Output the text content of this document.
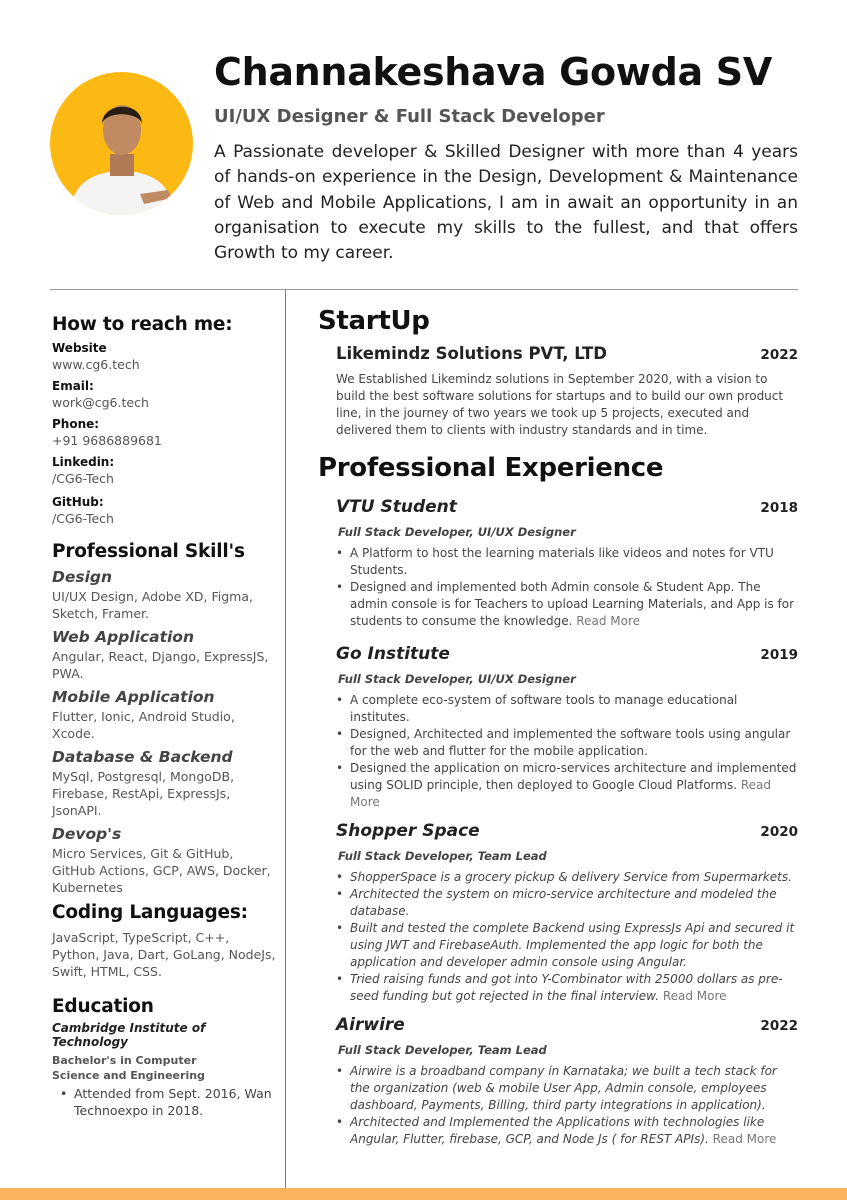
Channakeshava Gowda SV
UI/UX Designer & Full Stack Developer
A Passionate developer & Skilled Designer with more than 4 years of hands-on experience in the Design, Development & Maintenance of Web and Mobile Applications, I am in await an opportunity in an organisation to execute my skills to the fullest, and that offers Growth to my career.
How to reach me:
Website
www.cg6.tech
Email:
work@cg6.tech
Phone:
+91 9686889681
Linkedin:
/CG6-Tech
GitHub:
/CG6-Tech
Professional Skill's
Design
UI/UX Design, Adobe XD, Figma, Sketch, Framer.
Web Application
Angular, React, Django, ExpressJS, PWA.
Mobile Application
Flutter, Ionic, Android Studio, Xcode.
Database & Backend
MySql, Postgresql, MongoDB, Firebase, RestApi, ExpressJs, JsonAPI.
Devop's
Micro Services, Git & GitHub, GitHub Actions, GCP, AWS, Docker, Kubernetes
Coding Languages:
JavaScript, TypeScript, C++, Python, Java, Dart, GoLang, NodeJs, Swift, HTML, CSS.
Education
Cambridge Institute of Technology
Bachelor's in Computer Science and Engineering
• Attended from Sept. 2016, Wan Technoexpo in 2018.
StartUp
Likemindz Solutions PVT, LTD	2022
We Established Likemindz solutions in September 2020, with a vision to build the best software solutions for startups and to build our own product line, in the journey of two years we took up 5 projects, executed and delivered them to clients with industry standards and in time.
Professional Experience
VTU Student	2018
Full Stack Developer, UI/UX Designer
• A Platform to host the learning materials like videos and notes for VTU Students.
• Designed and implemented both Admin console & Student App. The admin console is for Teachers to upload Learning Materials, and App is for students to consume the knowledge. Read More
Go Institute	2019
Full Stack Developer, UI/UX Designer
• A complete eco-system of software tools to manage educational institutes.
• Designed, Architected and implemented the software tools using angular for the web and flutter for the mobile application.
• Designed the application on micro-services architecture and implemented using SOLID principle, then deployed to Google Cloud Platforms. Read More
Shopper Space	2020
Full Stack Developer, Team Lead
• ShopperSpace is a grocery pickup & delivery Service from Supermarkets.
• Architected the system on micro-service architecture and modeled the database.
• Built and tested the complete Backend using ExpressJs Api and secured it using JWT and FirebaseAuth. Implemented the app logic for both the application and developer admin console using Angular.
• Tried raising funds and got into Y-Combinator with 25000 dollars as pre-seed funding but got rejected in the final interview. Read More
Airwire	2022
Full Stack Developer, Team Lead
• Airwire is a broadband company in Karnataka; we built a tech stack for the organization (web & mobile User App, Admin console, employees dashboard, Payments, Billing, third party integrations in application).
• Architected and Implemented the Applications with technologies like Angular, Flutter, firebase, GCP, and Node Js ( for REST APIs). Read More
